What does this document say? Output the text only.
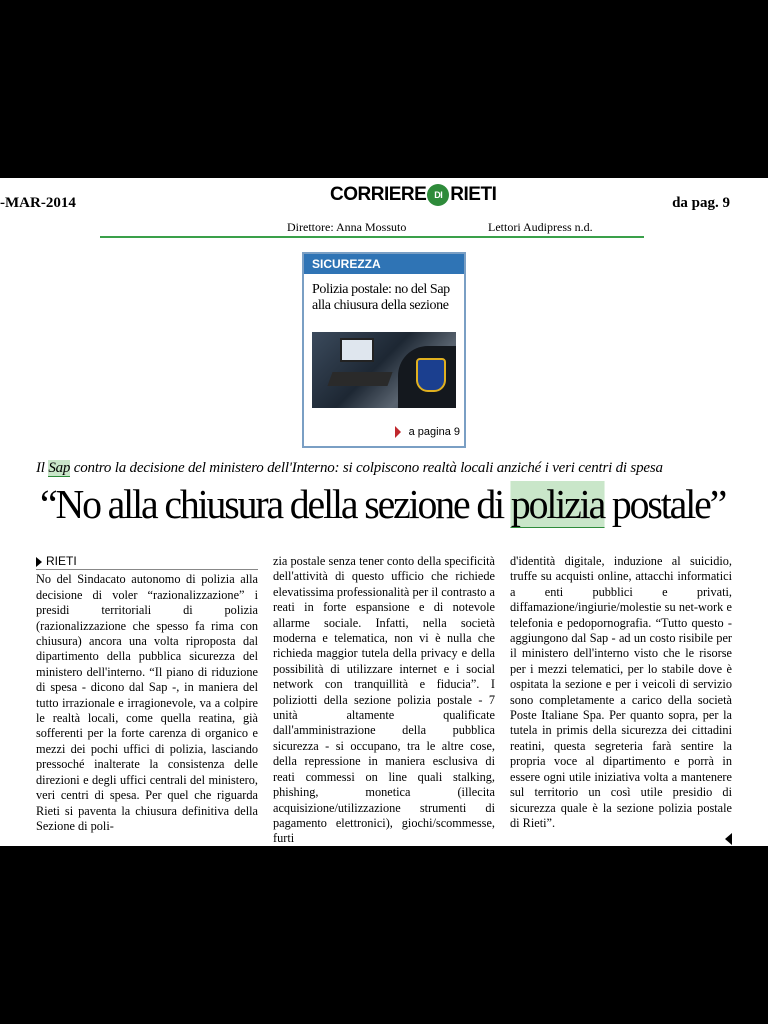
-MAR-2014	CORRIERE DI RIETI	da pag. 9
Direttore: Anna Mossuto	Lettori Audipress n.d.
SICUREZZA
Polizia postale: no del Sap alla chiusura della sezione
a pagina 9
Il Sap contro la decisione del ministero dell'Interno: si colpiscono realtà locali anziché i veri centri di spesa
“No alla chiusura della sezione di polizia postale”
RIETI
No del Sindacato autonomo di polizia alla decisione di voler “razionalizzazione” i presidi territoriali di polizia (razionalizzazione che spesso fa rima con chiusura) ancora una volta riproposta dal dipartimento della pubblica sicurezza del ministero dell'interno. “Il piano di riduzione di spesa - dicono dal Sap -, in maniera del tutto irrazionale e irragionevole, va a colpire le realtà locali, come quella reatina, già sofferenti per la forte carenza di organico e mezzi dei pochi uffici di polizia, lasciando pressoché inalterate la consistenza delle direzioni e degli uffici centrali del ministero, veri centri di spesa. Per quel che riguarda Rieti si paventa la chiusura definitiva della Sezione di poli-
zia postale senza tener conto della specificità dell'attività di questo ufficio che richiede elevatissima professionalità per il contrasto a reati in forte espansione e di notevole allarme sociale. Infatti, nella società moderna e telematica, non vi è nulla che richieda maggior tutela della privacy e della possibilità di utilizzare internet e i social network con tranquillità e fiducia”. I poliziotti della sezione polizia postale - 7 unità altamente qualificate dall'amministrazione della pubblica sicurezza - si occupano, tra le altre cose, della repressione in maniera esclusiva di reati commessi on line quali stalking, phishing, monetica (illecita acquisizione/utilizzazione strumenti di pagamento elettronici), giochi/scommesse, furti
d'identità digitale, induzione al suicidio, truffe su acquisti online, attacchi informatici a enti pubblici e privati, diffamazione/ingiurie/molestie su net-work e telefonia e pedopornografia. “Tutto questo - aggiungono dal Sap - ad un costo risibile per il ministero dell'interno visto che le risorse per i mezzi telematici, per lo stabile dove è ospitata la sezione e per i veicoli di servizio sono completamente a carico della società Poste Italiane Spa. Per quanto sopra, per la tutela in primis della sicurezza dei cittadini reatini, questa segreteria farà sentire la propria voce al dipartimento e porrà in essere ogni utile iniziativa volta a mantenere sul territorio un così utile presidio di sicurezza quale è la sezione polizia postale di Rieti”.
